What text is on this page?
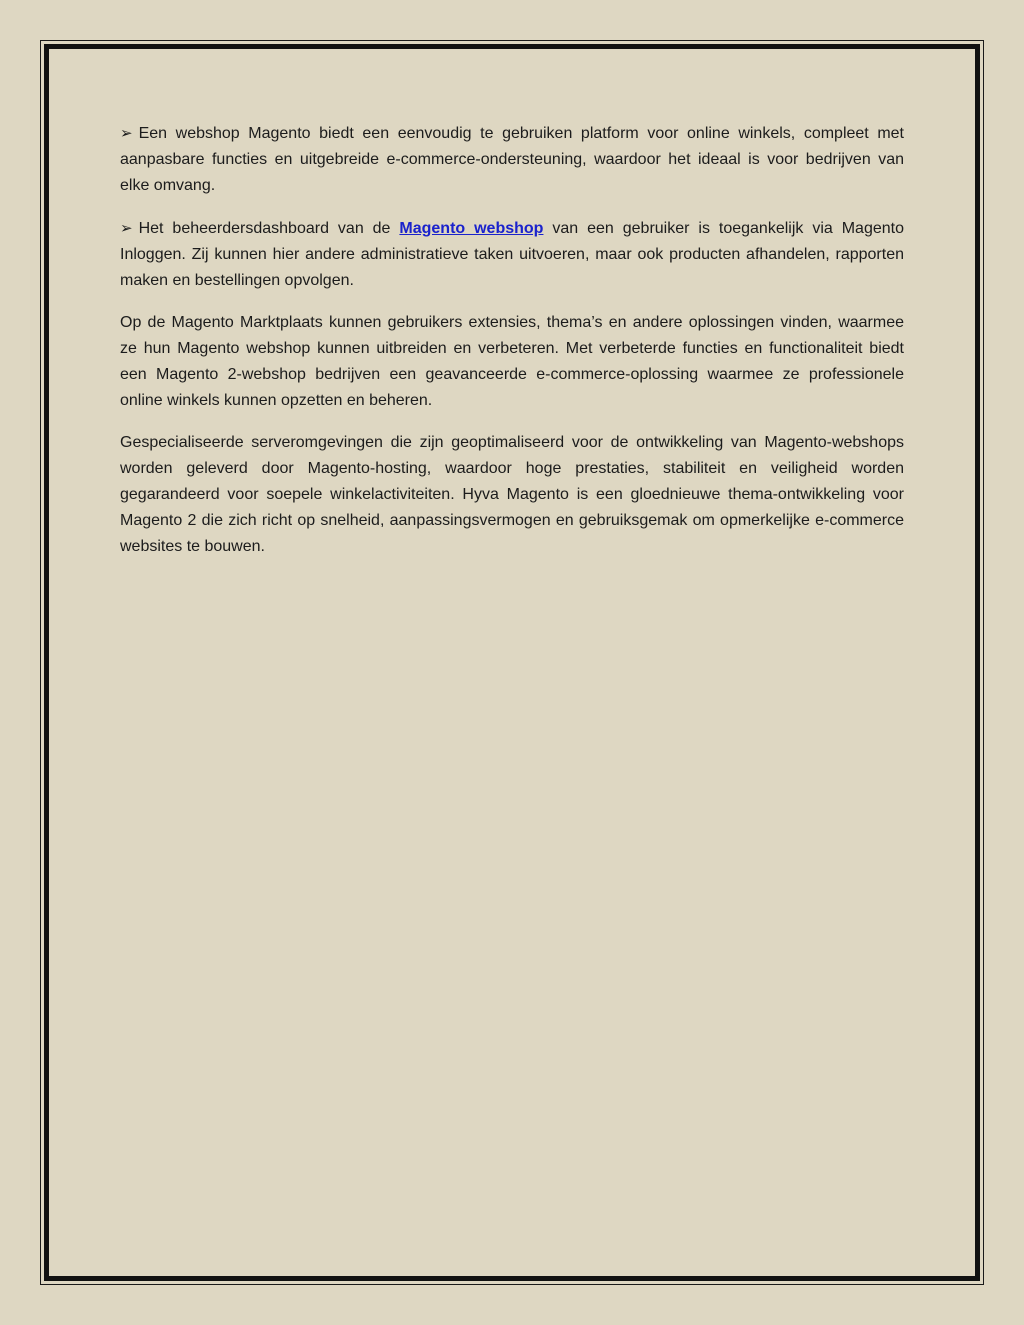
➢ Een webshop Magento biedt een eenvoudig te gebruiken platform voor online winkels, compleet met aanpasbare functies en uitgebreide e-commerce-ondersteuning, waardoor het ideaal is voor bedrijven van elke omvang.

➢ Het beheerdersdashboard van de Magento webshop van een gebruiker is toegankelijk via Magento Inloggen. Zij kunnen hier andere administratieve taken uitvoeren, maar ook producten afhandelen, rapporten maken en bestellingen opvolgen.

Op de Magento Marktplaats kunnen gebruikers extensies, thema’s en andere oplossingen vinden, waarmee ze hun Magento webshop kunnen uitbreiden en verbeteren. Met verbeterde functies en functionaliteit biedt een Magento 2-webshop bedrijven een geavanceerde e-commerce-oplossing waarmee ze professionele online winkels kunnen opzetten en beheren.

Gespecialiseerde serveromgevingen die zijn geoptimaliseerd voor de ontwikkeling van Magento-webshops worden geleverd door Magento-hosting, waardoor hoge prestaties, stabiliteit en veiligheid worden gegarandeerd voor soepele winkelactiviteiten. Hyva Magento is een gloednieuwe thema-ontwikkeling voor Magento 2 die zich richt op snelheid, aanpassingsvermogen en gebruiksgemak om opmerkelijke e-commerce websites te bouwen.
